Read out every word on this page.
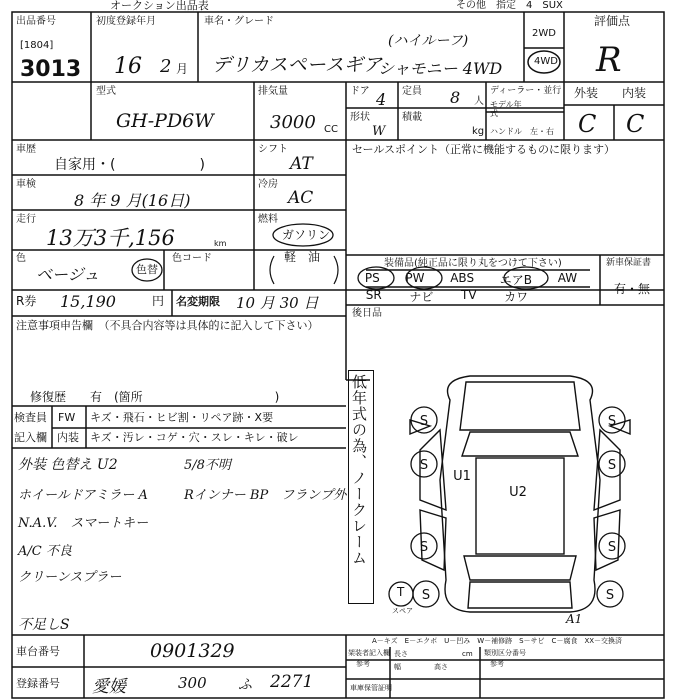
オークション出品表	その他　指定　4　SUX
出品番号
[1804]
3013
初度登録年月
16 2 月
車名・グレード
デリカスペースギア
(ハイルーフ)
シャモニー 4WD
2WD
4WD
評価点
R
型式
GH-PD6W
排気量
3000 CC
ドア 4 定員 8 人
形状
W
積載
kg
ディーラー・並行
モデル年式
ハンドル　左・右
外装 内装
C C
車歴
自家用・(　　　　　　)
シフト
AT
車検
8 年 9 月(16日)
冷房
AC
走行
13万3千,156	km
燃料
ガソリン
軽　油
色
ベージュ	色替
色コード
セールスポイント（正常に機能するものに限ります）
装備品(純正品に限り丸をつけて下さい)	新車保証書
PS PW ABS エアB AW
SR ナビ TV カワ
有・無
後日品
R券 15,190	円 名変期限 10 月 30 日
注意事項申告欄　（不具合内容等は具体的に記入して下さい）
修復歴　　有　(箇所　　　　　　　　　　　)
検査員
記入欄
FW
内装
キズ・飛石・ヒビ割・リペア跡・X要
キズ・汚レ・コゲ・穴・スレ・キレ・破レ
外装 色替え U2	5/8不明
ホイールドアミラー A	Rインナー BP　フランプ外
N.A.V.　スマートキー
A/C 不良
クリーンスプラー
不足しS
低年式の為、ノークレーム	S	S
S	S
S	S
S	S
U1
U2
T
スペア
A1
A－キズ　E－エクボ　U－凹み　W－補修跡　S－サビ　C－腐食　XX－交換済
車台番号	0901329
登録番号 愛媛	300 ふ 2271
架装者記入欄
参考
長さ
幅	高さ
cm 類別区分番号
参考
車庫保管証明
